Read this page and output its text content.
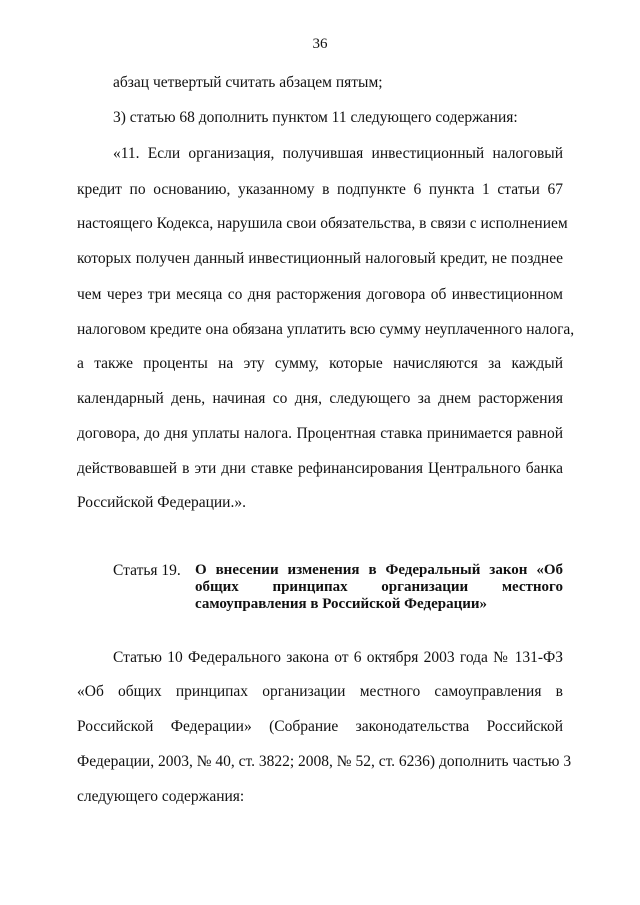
36
абзац четвертый считать абзацем пятым;
3) статью 68 дополнить пунктом 11 следующего содержания:
«11. Если организация, получившая инвестиционный налоговый
кредит по основанию, указанному в подпункте 6 пункта 1 статьи 67
настоящего Кодекса, нарушила свои обязательства, в связи с исполнением
которых получен данный инвестиционный налоговый кредит, не позднее
чем через три месяца со дня расторжения договора об инвестиционном
налоговом кредите она обязана уплатить всю сумму неуплаченного налога,
а также проценты на эту сумму, которые начисляются за каждый
календарный день, начиная со дня, следующего за днем расторжения
договора, до дня уплаты налога. Процентная ставка принимается равной
действовавшей в эти дни ставке рефинансирования Центрального банка
Российской Федерации.».
Статья 19. О внесении изменения в Федеральный закон «Об
общих принципах организации местного
самоуправления в Российской Федерации»
Статью 10 Федерального закона от 6 октября 2003 года № 131-ФЗ
«Об общих принципах организации местного самоуправления в
Российской Федерации» (Собрание законодательства Российской
Федерации, 2003, № 40, ст. 3822; 2008, № 52, ст. 6236) дополнить частью 3
следующего содержания:
